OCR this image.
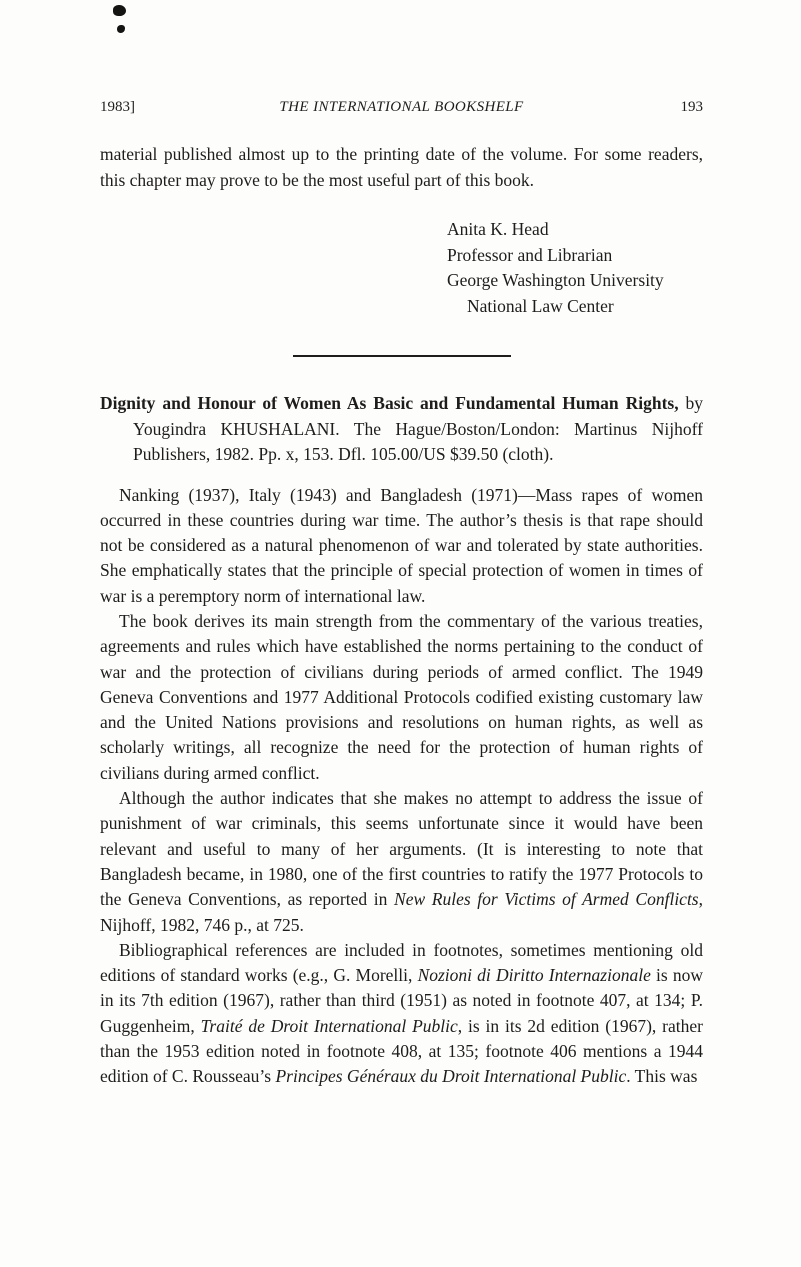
1983]	THE INTERNATIONAL BOOKSHELF	193

material published almost up to the printing date of the volume. For some readers, this chapter may prove to be the most useful part of this book.

Anita K. Head
Professor and Librarian
George Washington University
National Law Center

Dignity and Honour of Women As Basic and Fundamental Human Rights, by Yougindra KHUSHALANI. The Hague/Boston/London: Martinus Nijhoff Publishers, 1982. Pp. x, 153. Dfl. 105.00/US $39.50 (cloth).

Nanking (1937), Italy (1943) and Bangladesh (1971)—Mass rapes of women occurred in these countries during war time. The author’s thesis is that rape should not be considered as a natural phenomenon of war and tolerated by state authorities. She emphatically states that the principle of special protection of women in times of war is a peremptory norm of international law.

The book derives its main strength from the commentary of the various treaties, agreements and rules which have established the norms pertaining to the conduct of war and the protection of civilians during periods of armed conflict. The 1949 Geneva Conventions and 1977 Additional Protocols codified existing customary law and the United Nations provisions and resolutions on human rights, as well as scholarly writings, all recognize the need for the protection of human rights of civilians during armed conflict.

Although the author indicates that she makes no attempt to address the issue of punishment of war criminals, this seems unfortunate since it would have been relevant and useful to many of her arguments. (It is interesting to note that Bangladesh became, in 1980, one of the first countries to ratify the 1977 Protocols to the Geneva Conventions, as reported in New Rules for Victims of Armed Conflicts, Nijhoff, 1982, 746 p., at 725.

Bibliographical references are included in footnotes, sometimes mentioning old editions of standard works (e.g., G. Morelli, Nozioni di Diritto Internazionale is now in its 7th edition (1967), rather than third (1951) as noted in footnote 407, at 134; P. Guggenheim, Traité de Droit International Public, is in its 2d edition (1967), rather than the 1953 edition noted in footnote 408, at 135; footnote 406 mentions a 1944 edition of C. Rousseau’s Principes Généraux du Droit International Public. This was
